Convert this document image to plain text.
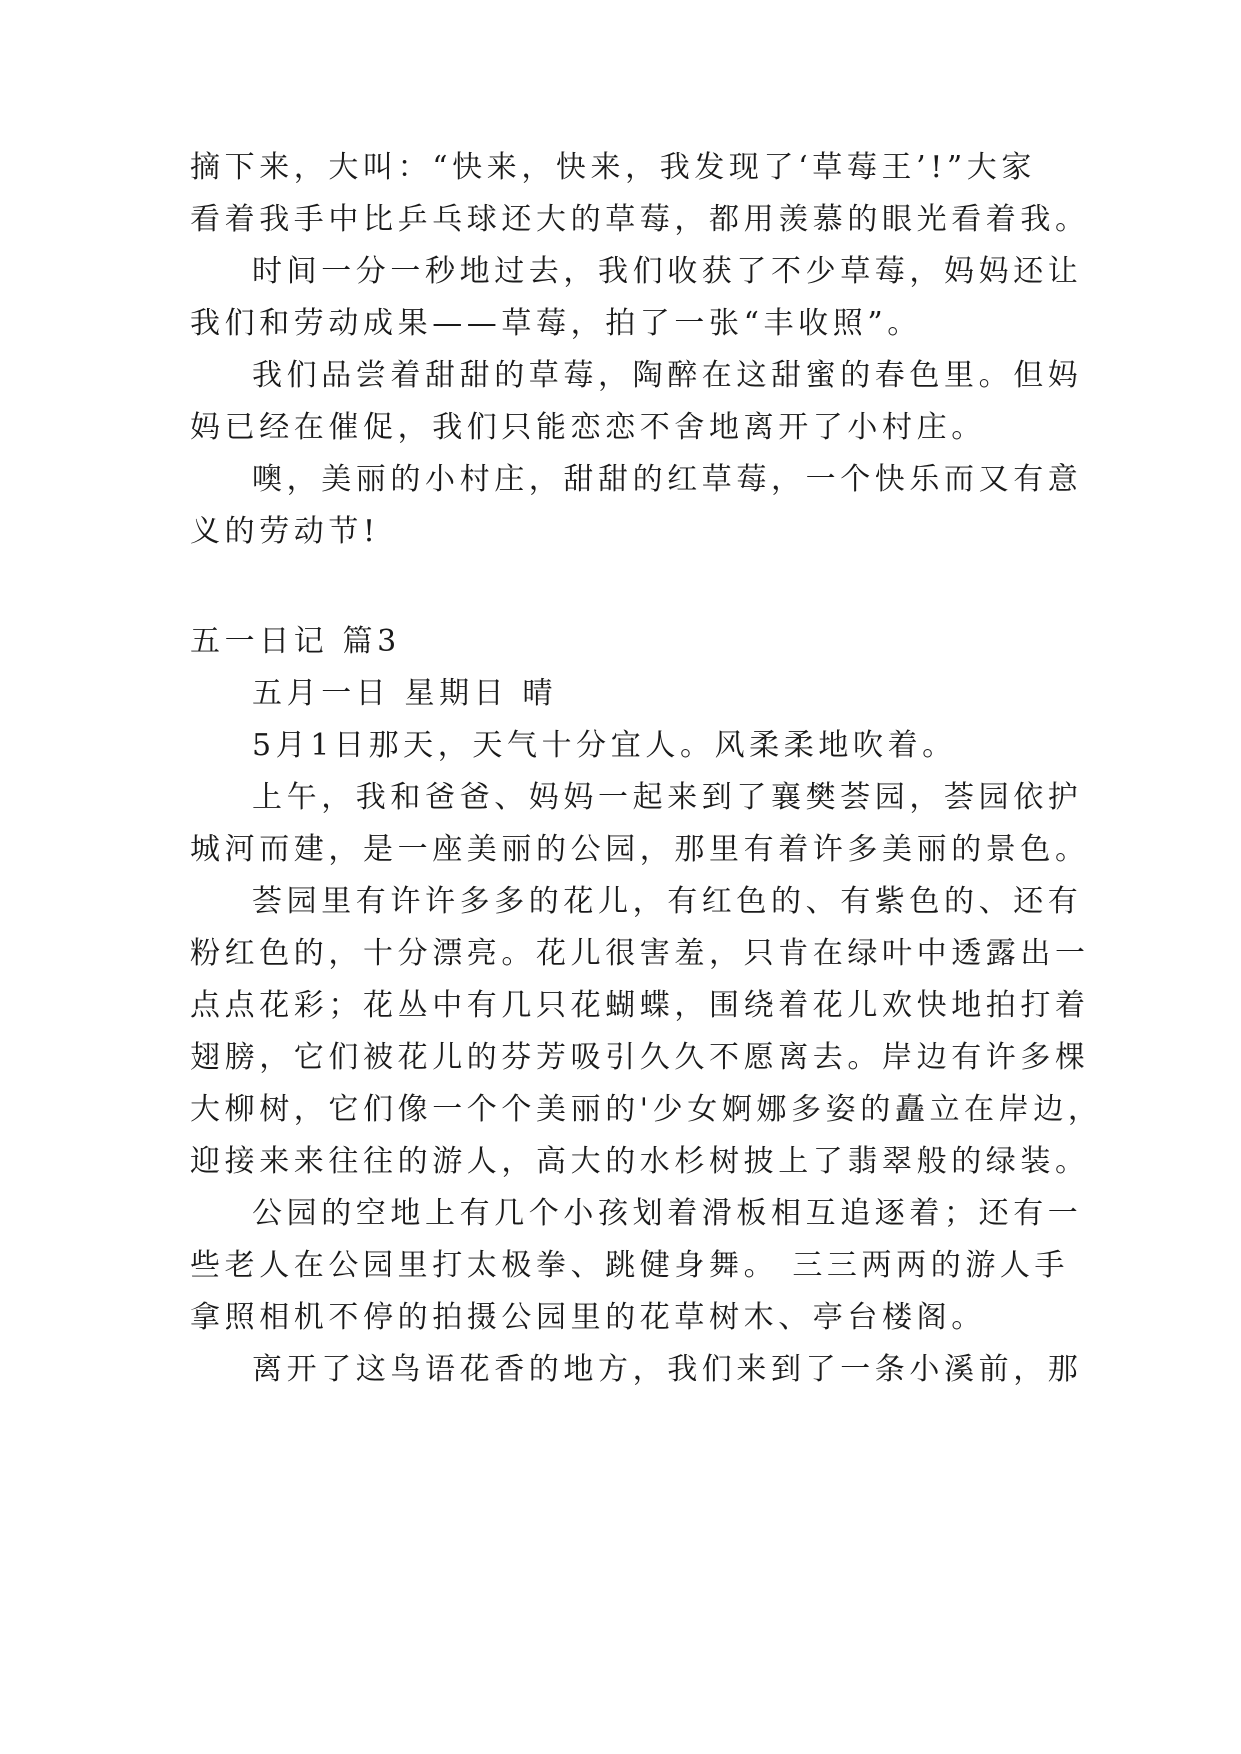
摘下来，大叫：“快来，快来，我发现了‘草莓王’!”大家
看着我手中比乒乓球还大的草莓，都用羡慕的眼光看着我。
时间一分一秒地过去，我们收获了不少草莓，妈妈还让
我们和劳动成果——草莓，拍了一张“丰收照”。
我们品尝着甜甜的草莓，陶醉在这甜蜜的春色里。但妈
妈已经在催促，我们只能恋恋不舍地离开了小村庄。
噢，美丽的小村庄，甜甜的红草莓，一个快乐而又有意
义的劳动节!
五一日记 篇3
五月一日 星期日 晴
5月1日那天，天气十分宜人。风柔柔地吹着。
上午，我和爸爸、妈妈一起来到了襄樊荟园，荟园依护
城河而建，是一座美丽的公园，那里有着许多美丽的景色。
荟园里有许许多多的花儿，有红色的、有紫色的、还有
粉红色的，十分漂亮。花儿很害羞，只肯在绿叶中透露出一
点点花彩；花丛中有几只花蝴蝶，围绕着花儿欢快地拍打着
翅膀，它们被花儿的芬芳吸引久久不愿离去。岸边有许多棵
大柳树，它们像一个个美丽的'少女婀娜多姿的矗立在岸边，
迎接来来往往的游人，高大的水杉树披上了翡翠般的绿装。
公园的空地上有几个小孩划着滑板相互追逐着；还有一
些老人在公园里打太极拳、跳健身舞。 三三两两的游人手
拿照相机不停的拍摄公园里的花草树木、亭台楼阁。
离开了这鸟语花香的地方，我们来到了一条小溪前，那
